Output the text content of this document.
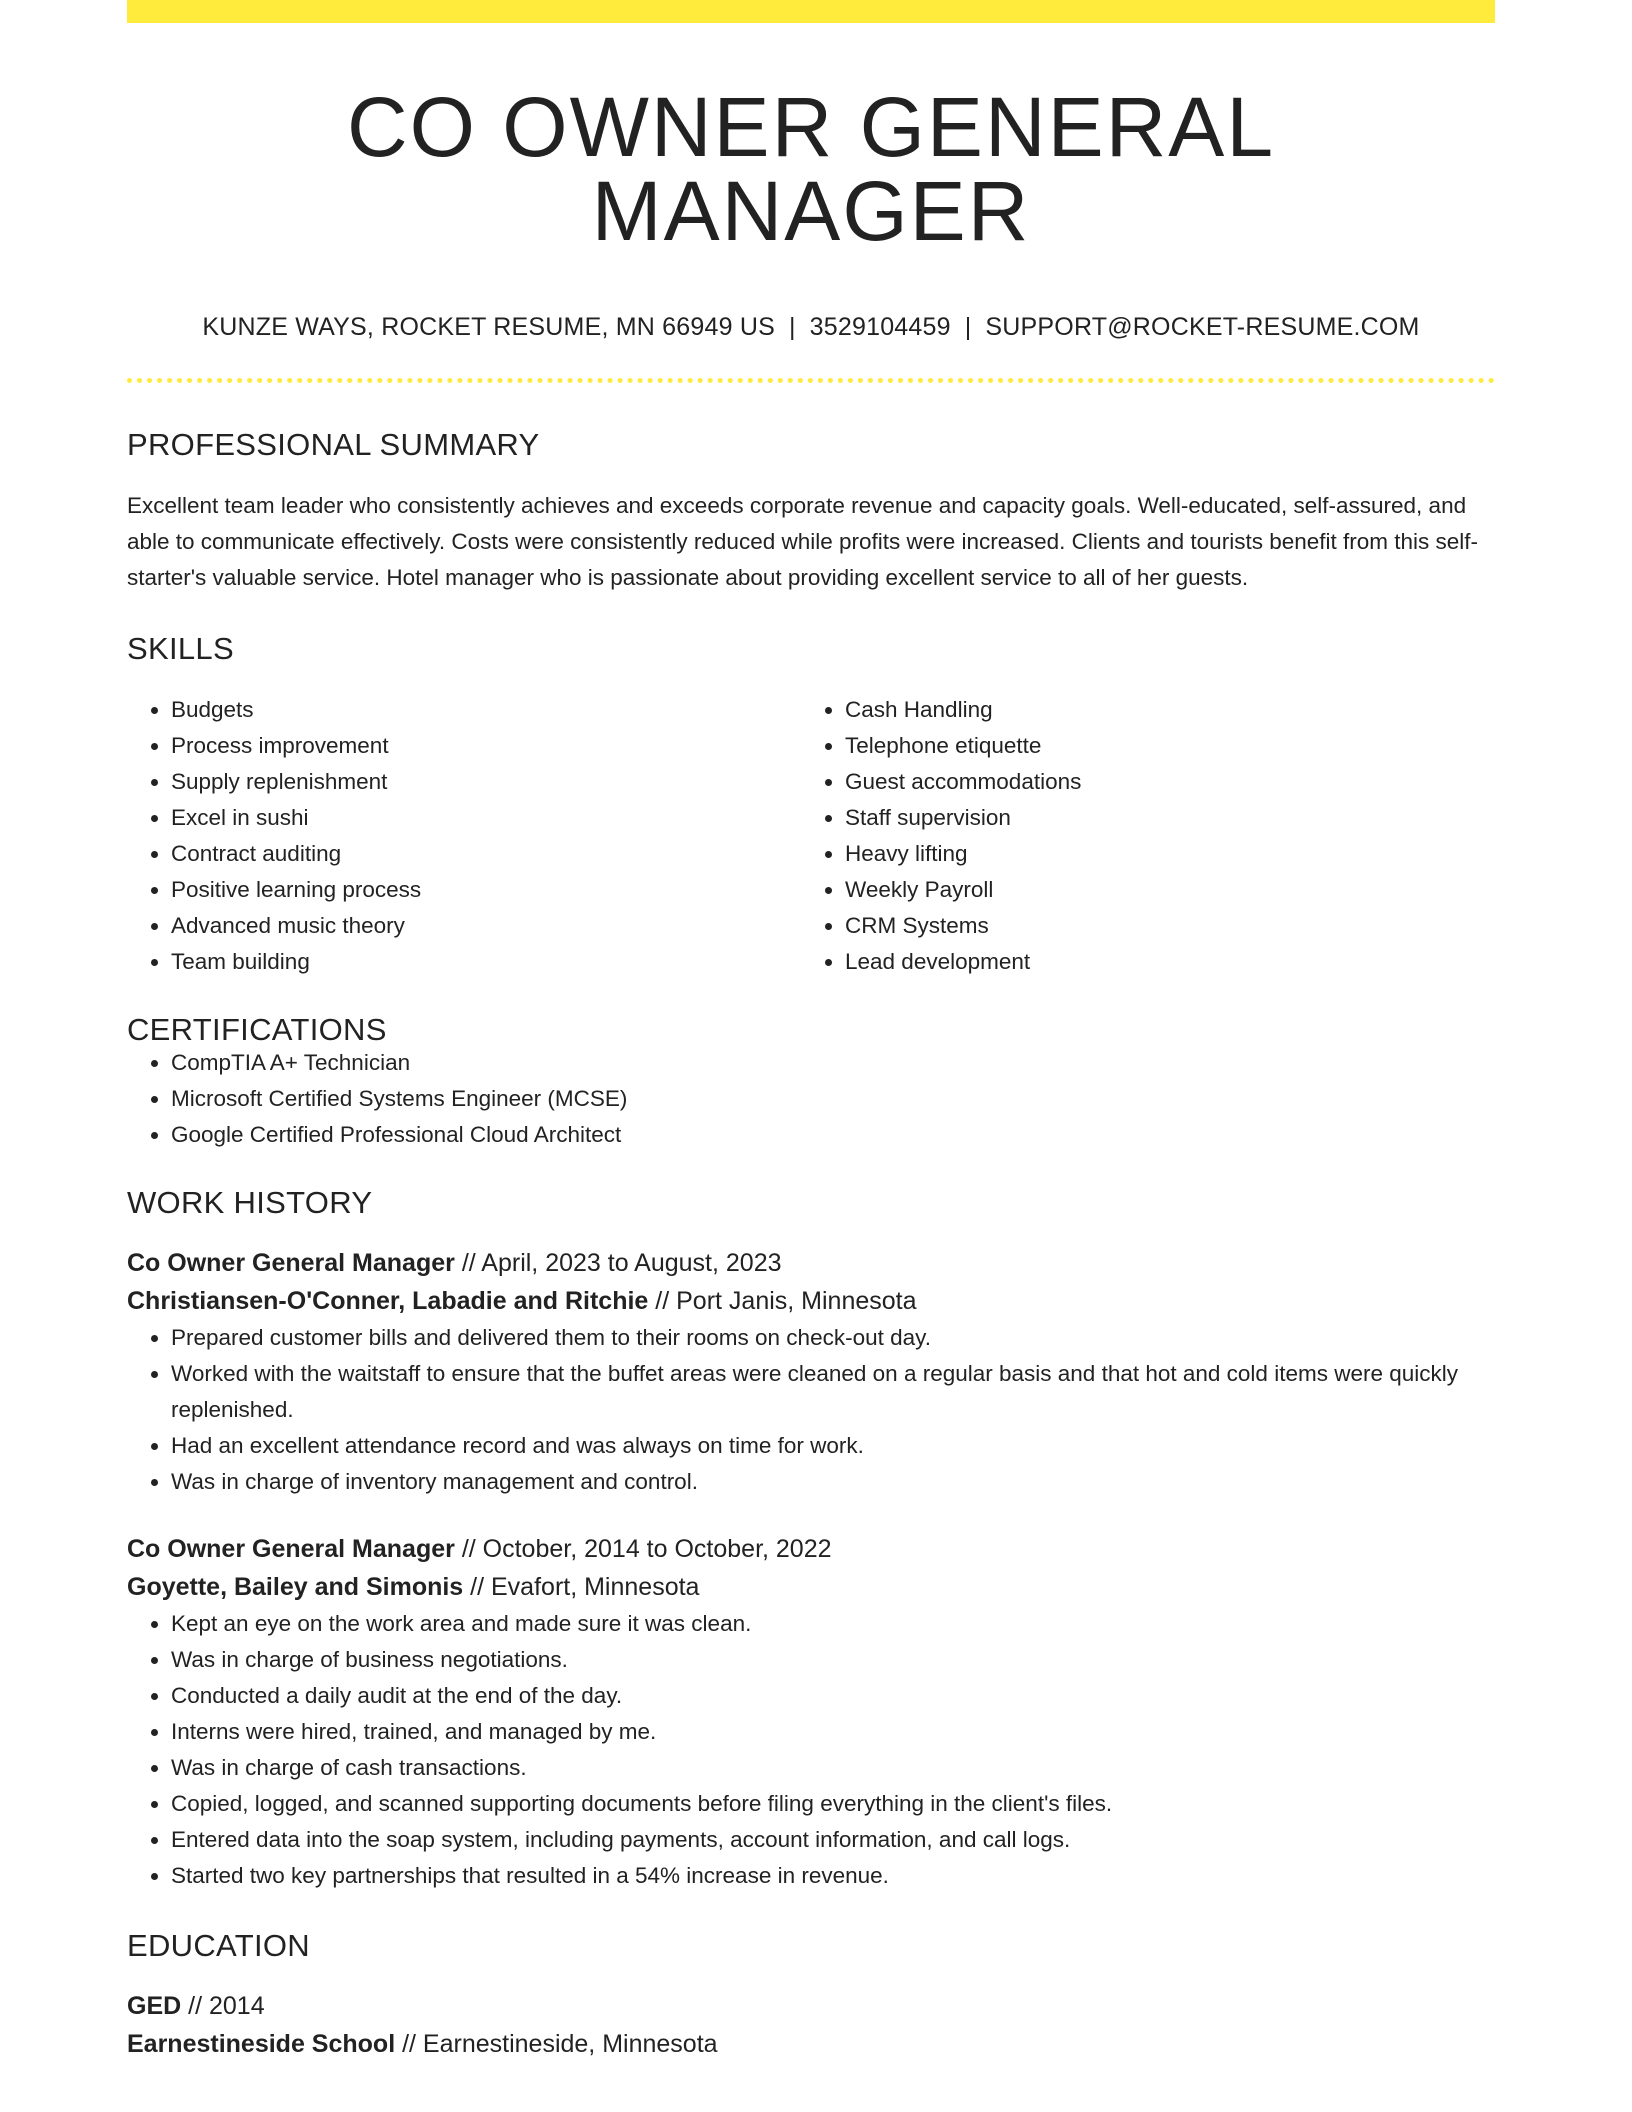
CO OWNER GENERAL MANAGER
KUNZE WAYS, ROCKET RESUME, MN 66949 US | 3529104459 | SUPPORT@ROCKET-RESUME.COM
PROFESSIONAL SUMMARY
Excellent team leader who consistently achieves and exceeds corporate revenue and capacity goals. Well-educated, self-assured, and able to communicate effectively. Costs were consistently reduced while profits were increased. Clients and tourists benefit from this self-starter's valuable service. Hotel manager who is passionate about providing excellent service to all of her guests.
SKILLS
• Budgets
• Process improvement
• Supply replenishment
• Excel in sushi
• Contract auditing
• Positive learning process
• Advanced music theory
• Team building
• Cash Handling
• Telephone etiquette
• Guest accommodations
• Staff supervision
• Heavy lifting
• Weekly Payroll
• CRM Systems
• Lead development
CERTIFICATIONS
• CompTIA A+ Technician
• Microsoft Certified Systems Engineer (MCSE)
• Google Certified Professional Cloud Architect
WORK HISTORY
Co Owner General Manager // April, 2023 to August, 2023
Christiansen-O'Conner, Labadie and Ritchie // Port Janis, Minnesota
• Prepared customer bills and delivered them to their rooms on check-out day.
• Worked with the waitstaff to ensure that the buffet areas were cleaned on a regular basis and that hot and cold items were quickly replenished.
• Had an excellent attendance record and was always on time for work.
• Was in charge of inventory management and control.
Co Owner General Manager // October, 2014 to October, 2022
Goyette, Bailey and Simonis // Evafort, Minnesota
• Kept an eye on the work area and made sure it was clean.
• Was in charge of business negotiations.
• Conducted a daily audit at the end of the day.
• Interns were hired, trained, and managed by me.
• Was in charge of cash transactions.
• Copied, logged, and scanned supporting documents before filing everything in the client's files.
• Entered data into the soap system, including payments, account information, and call logs.
• Started two key partnerships that resulted in a 54% increase in revenue.
EDUCATION
GED // 2014
Earnestineside School // Earnestineside, Minnesota
